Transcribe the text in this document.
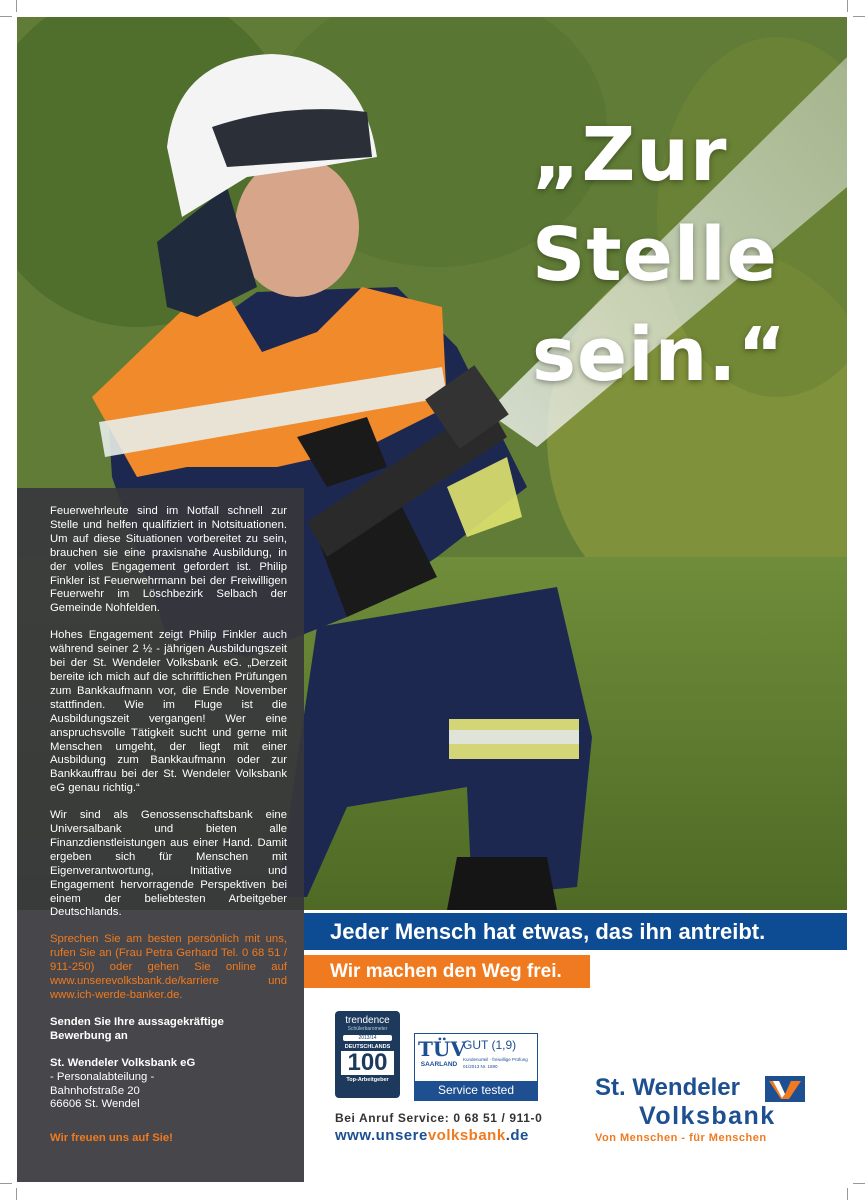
„Zur
Stelle
sein.“

Feuerwehrleute sind im Notfall schnell zur Stelle und helfen qualifiziert in Notsituationen. Um auf diese Situationen vorbereitet zu sein, brauchen sie eine praxisnahe Ausbildung, in der volles Engagement gefordert ist. Philip Finkler ist Feuerwehrmann bei der Freiwilligen Feuerwehr im Löschbezirk Selbach der Gemeinde Nohfelden.

Hohes Engagement zeigt Philip Finkler auch während seiner 2 ½ - jährigen Ausbildungszeit bei der St. Wendeler Volksbank eG. „Derzeit bereite ich mich auf die schriftlichen Prüfungen zum Bankkaufmann vor, die Ende November stattfinden. Wie im Fluge ist die Ausbildungszeit vergangen! Wer eine anspruchsvolle Tätigkeit sucht und gerne mit Menschen umgeht, der liegt mit einer Ausbildung zum Bankkaufmann oder zur Bankkauffrau bei der St. Wendeler Volksbank eG genau richtig.“

Wir sind als Genossenschaftsbank eine Universalbank und bieten alle Finanzdienstleistungen aus einer Hand. Damit ergeben sich für Menschen mit Eigenverantwortung, Initiative und Engagement hervorragende Perspektiven bei einem der beliebtesten Arbeitgeber Deutschlands.

Sprechen Sie am besten persönlich mit uns, rufen Sie an (Frau Petra Gerhard Tel. 0 68 51 / 911-250) oder gehen Sie online auf www.unserevolksbank.de/karriere und www.ich-werde-banker.de.

Senden Sie Ihre aussagekräftige
Bewerbung an

St. Wendeler Volksbank eG
- Personalabteilung -
Bahnhofstraße 20
66606 St. Wendel

Wir freuen uns auf Sie!

Jeder Mensch hat etwas, das ihn antreibt.
Wir machen den Weg frei.
trendence
Schülerbarometer
2013/14
DEUTSCHLANDS
100
Top-Arbeitgeber
TÜV
SAARLAND
GUT (1,9)
Kundenurteil · freiwillige Prüfung
01/2013 Nr. 1890
Service tested
Bei Anruf Service: 0 68 51 / 911-0
www.unserevolksbank.de
St. Wendeler
Volksbank
Von Menschen - für Menschen
